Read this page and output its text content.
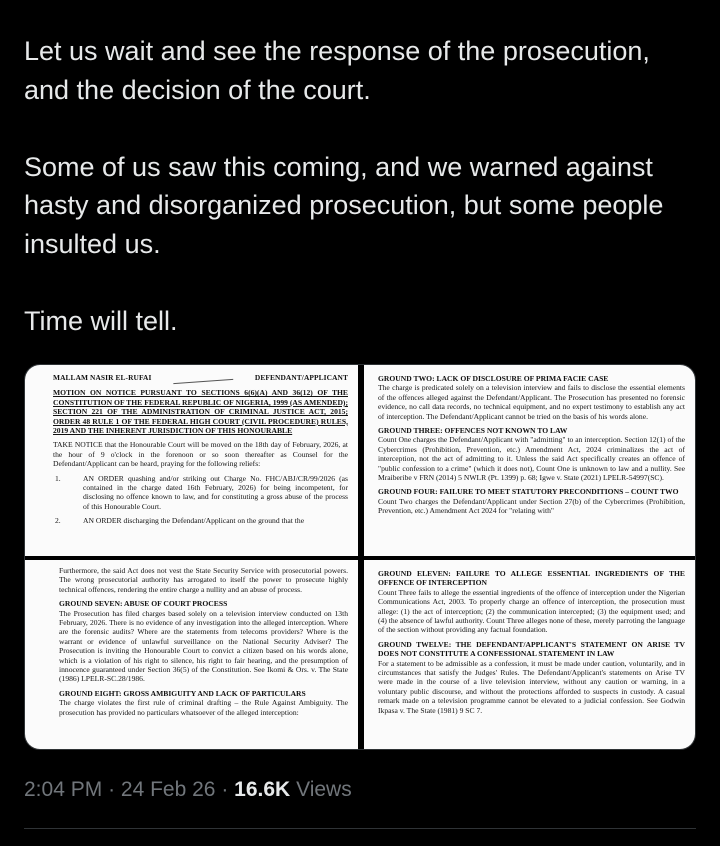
Let us wait and see the response of the prosecution, and the decision of the court.

Some of us saw this coming, and we warned against hasty and disorganized prosecution, but some people insulted us.

Time will tell.

MALLAM NASIR EL-RUFAI	DEFENDANT/APPLICANT

MOTION ON NOTICE PURSUANT TO SECTIONS 6(6)(A) AND 36(12) OF THE CONSTITUTION OF THE FEDERAL REPUBLIC OF NIGERIA, 1999 (AS AMENDED); SECTION 221 OF THE ADMINISTRATION OF CRIMINAL JUSTICE ACT, 2015; ORDER 48 RULE 1 OF THE FEDERAL HIGH COURT (CIVIL PROCEDURE) RULES, 2019 AND THE INHERENT JURISDICTION OF THIS HONOURABLE

TAKE NOTICE that the Honourable Court will be moved on the 18th day of February, 2026, at the hour of 9 o'clock in the forenoon or so soon thereafter as Counsel for the Defendant/Applicant can be heard, praying for the following reliefs:

1.	AN ORDER quashing and/or striking out Charge No. FHC/ABJ/CR/99/2026 (as contained in the charge dated 16th February, 2026) for being incompetent, for disclosing no offence known to law, and for constituting a gross abuse of the process of this Honourable Court.

2.	AN ORDER discharging the Defendant/Applicant on the ground that the

GROUND TWO: LACK OF DISCLOSURE OF PRIMA FACIE CASE

The charge is predicated solely on a television interview and fails to disclose the essential elements of the offences alleged against the Defendant/Applicant. The Prosecution has presented no forensic evidence, no call data records, no technical equipment, and no expert testimony to establish any act of interception. The Defendant/Applicant cannot be tried on the basis of his words alone.

GROUND THREE: OFFENCES NOT KNOWN TO LAW

Count One charges the Defendant/Applicant with "admitting" to an interception. Section 12(1) of the Cybercrimes (Prohibition, Prevention, etc.) Amendment Act, 2024 criminalizes the act of interception, not the act of admitting to it. Unless the said Act specifically creates an offence of "public confession to a crime" (which it does not), Count One is unknown to law and a nullity. See Mraiberibe v FRN (2014) 5 NWLR (Pt. 1399) p. 68; Igwe v. State (2021) LPELR-54997(SC).

GROUND FOUR: FAILURE TO MEET STATUTORY PRECONDITIONS – COUNT TWO

Count Two charges the Defendant/Applicant under Section 27(b) of the Cybercrimes (Prohibition, Prevention, etc.) Amendment Act 2024 for "relating with"

Furthermore, the said Act does not vest the State Security Service with prosecutorial powers. The wrong prosecutorial authority has arrogated to itself the power to prosecute highly technical offences, rendering the entire charge a nullity and an abuse of process.

GROUND SEVEN: ABUSE OF COURT PROCESS

The Prosecution has filed charges based solely on a television interview conducted on 13th February, 2026. There is no evidence of any investigation into the alleged interception. Where are the forensic audits? Where are the statements from telecoms providers? Where is the warrant or evidence of unlawful surveillance on the National Security Adviser? The Prosecution is inviting the Honourable Court to convict a citizen based on his words alone, which is a violation of his right to silence, his right to fair hearing, and the presumption of innocence guaranteed under Section 36(5) of the Constitution. See Ikomi & Ors. v. The State (1986) LPELR-SC.28/1986.

GROUND EIGHT: GROSS AMBIGUITY AND LACK OF PARTICULARS

The charge violates the first rule of criminal drafting – the Rule Against Ambiguity. The prosecution has provided no particulars whatsoever of the alleged interception:

GROUND ELEVEN: FAILURE TO ALLEGE ESSENTIAL INGREDIENTS OF THE OFFENCE OF INTERCEPTION

Count Three fails to allege the essential ingredients of the offence of interception under the Nigerian Communications Act, 2003. To properly charge an offence of interception, the prosecution must allege: (1) the act of interception; (2) the communication intercepted; (3) the equipment used; and (4) the absence of lawful authority. Count Three alleges none of these, merely parroting the language of the section without providing any factual foundation.

GROUND TWELVE: THE DEFENDANT/APPLICANT'S STATEMENT ON ARISE TV DOES NOT CONSTITUTE A CONFESSIONAL STATEMENT IN LAW

For a statement to be admissible as a confession, it must be made under caution, voluntarily, and in circumstances that satisfy the Judges' Rules. The Defendant/Applicant's statements on Arise TV were made in the course of a live television interview, without any caution or warning, in a voluntary public discourse, and without the protections afforded to suspects in custody. A casual remark made on a television programme cannot be elevated to a judicial confession. See Godwin Ikpasa v. The State (1981) 9 SC 7.

2:04 PM · 24 Feb 26 · 16.6K Views
